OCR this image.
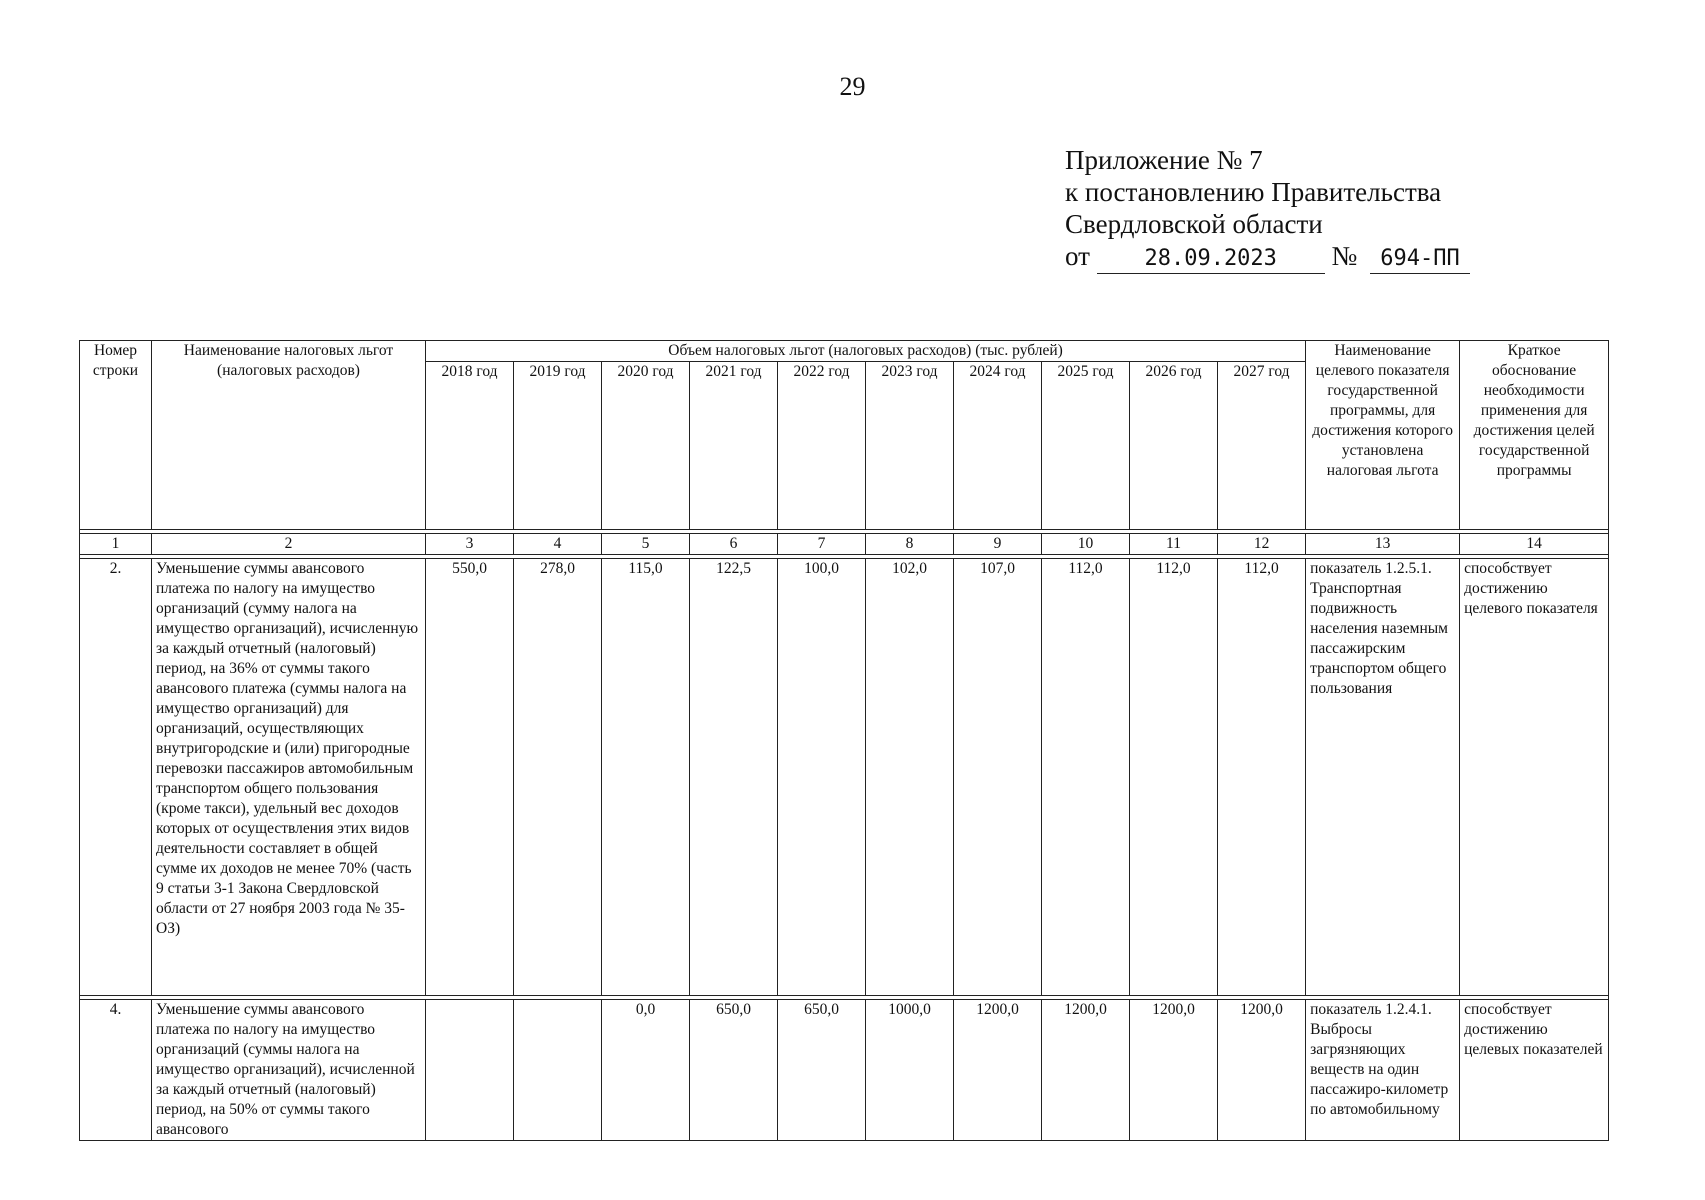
29
Приложение № 7
к постановлению Правительства
Свердловской области
от 28.09.2023 № 694-ПП
Номер строки	Наименование налоговых льгот (налоговых расходов)	Объем налоговых льгот (налоговых расходов) (тыс. рублей)										Наименование целевого показателя государственной программы, для достижения которого установлена налоговая льгота	Краткое обоснование необходимости применения для достижения целей государственной программы
		2018 год	2019 год	2020 год	2021 год	2022 год	2023 год	2024 год	2025 год	2026 год	2027 год		

1	2	3	4	5	6	7	8	9	10	11	12	13	14

2.	Уменьшение суммы авансового платежа по налогу на имущество организаций (сумму налога на имущество организаций), исчисленную за каждый отчетный (налоговый) период, на 36% от суммы такого авансового платежа (суммы налога на имущество организаций) для организаций, осуществляющих внутригородские и (или) пригородные перевозки пассажиров автомобильным транспортом общего пользования (кроме такси), удельный вес доходов которых от осуществления этих видов деятельности составляет в общей сумме их доходов не менее 70% (часть 9 статьи 3-1 Закона Свердловской области от 27 ноября 2003 года № 35-ОЗ)	550,0	278,0	115,0	122,5	100,0	102,0	107,0	112,0	112,0	112,0	показатель 1.2.5.1. Транспортная подвижность населения наземным пассажирским транспортом общего пользования	способствует достижению целевого показателя

4.	Уменьшение суммы авансового платежа по налогу на имущество организаций (суммы налога на имущество организаций), исчисленной за каждый отчетный (налоговый) период, на 50% от суммы такого авансового			0,0	650,0	650,0	1000,0	1200,0	1200,0	1200,0	1200,0	показатель 1.2.4.1. Выбросы загрязняющих веществ на один пассажиро-километр по автомобильному	способствует достижению целевых показателей
